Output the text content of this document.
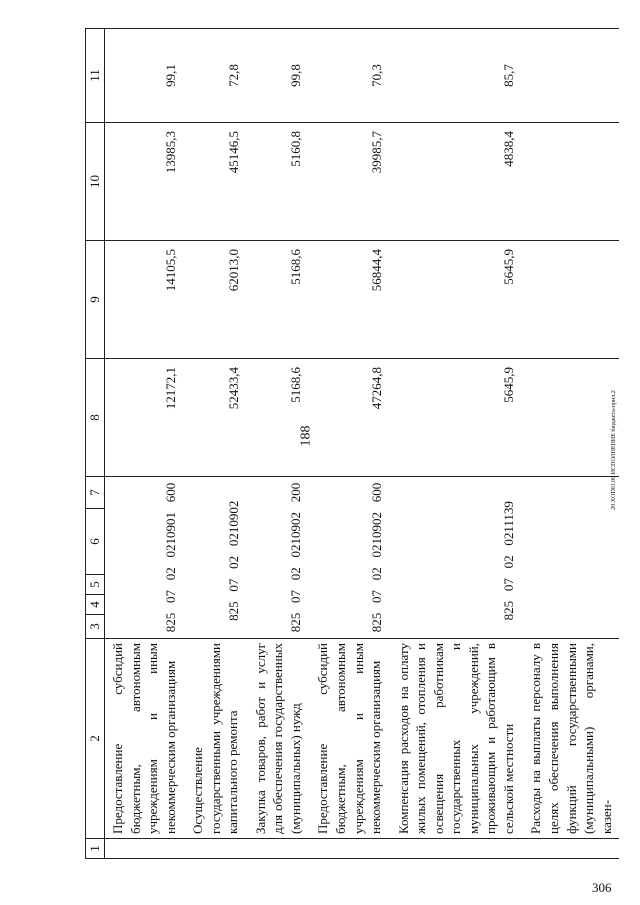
188
306
20.XOD01.06 ИСПОЛНЕНИЕ бюджета-прил.2
1	2	3	4	5	6	7	8	9	10	11
	Предоставление субсидий бюджетным, автономным учреждениям и иным некоммерческим организациям	825   07   02   0210901   600					12172,1	14105,5	13985,3	99,1
	Осуществление государственными учреждениями капитального ремонта	825   07   02   0210902					52433,4	62013,0	45146,5	72,8
	Закупка товаров, работ и услуг для обеспечения государственных (муниципальных) нужд	825   07   02   0210902   200					5168,6	5168,6	5160,8	99,8
	Предоставление субсидий бюджетным, автономным учреждениям и иным некоммерческим организациям	825   07   02   0210902   600					47264,8	56844,4	39985,7	70,3
	Компенсация расходов на оплату жилых помещений, отопления и освещения работникам государственных и муниципальных учреждений, проживающим и работающим в сельской местности	825   07   02   0211139					5645,9	5645,9	4838,4	85,7
	Расходы на выплаты персоналу в целях обеспечения выполнения функций государственными (муниципальными) органами, казен-									
